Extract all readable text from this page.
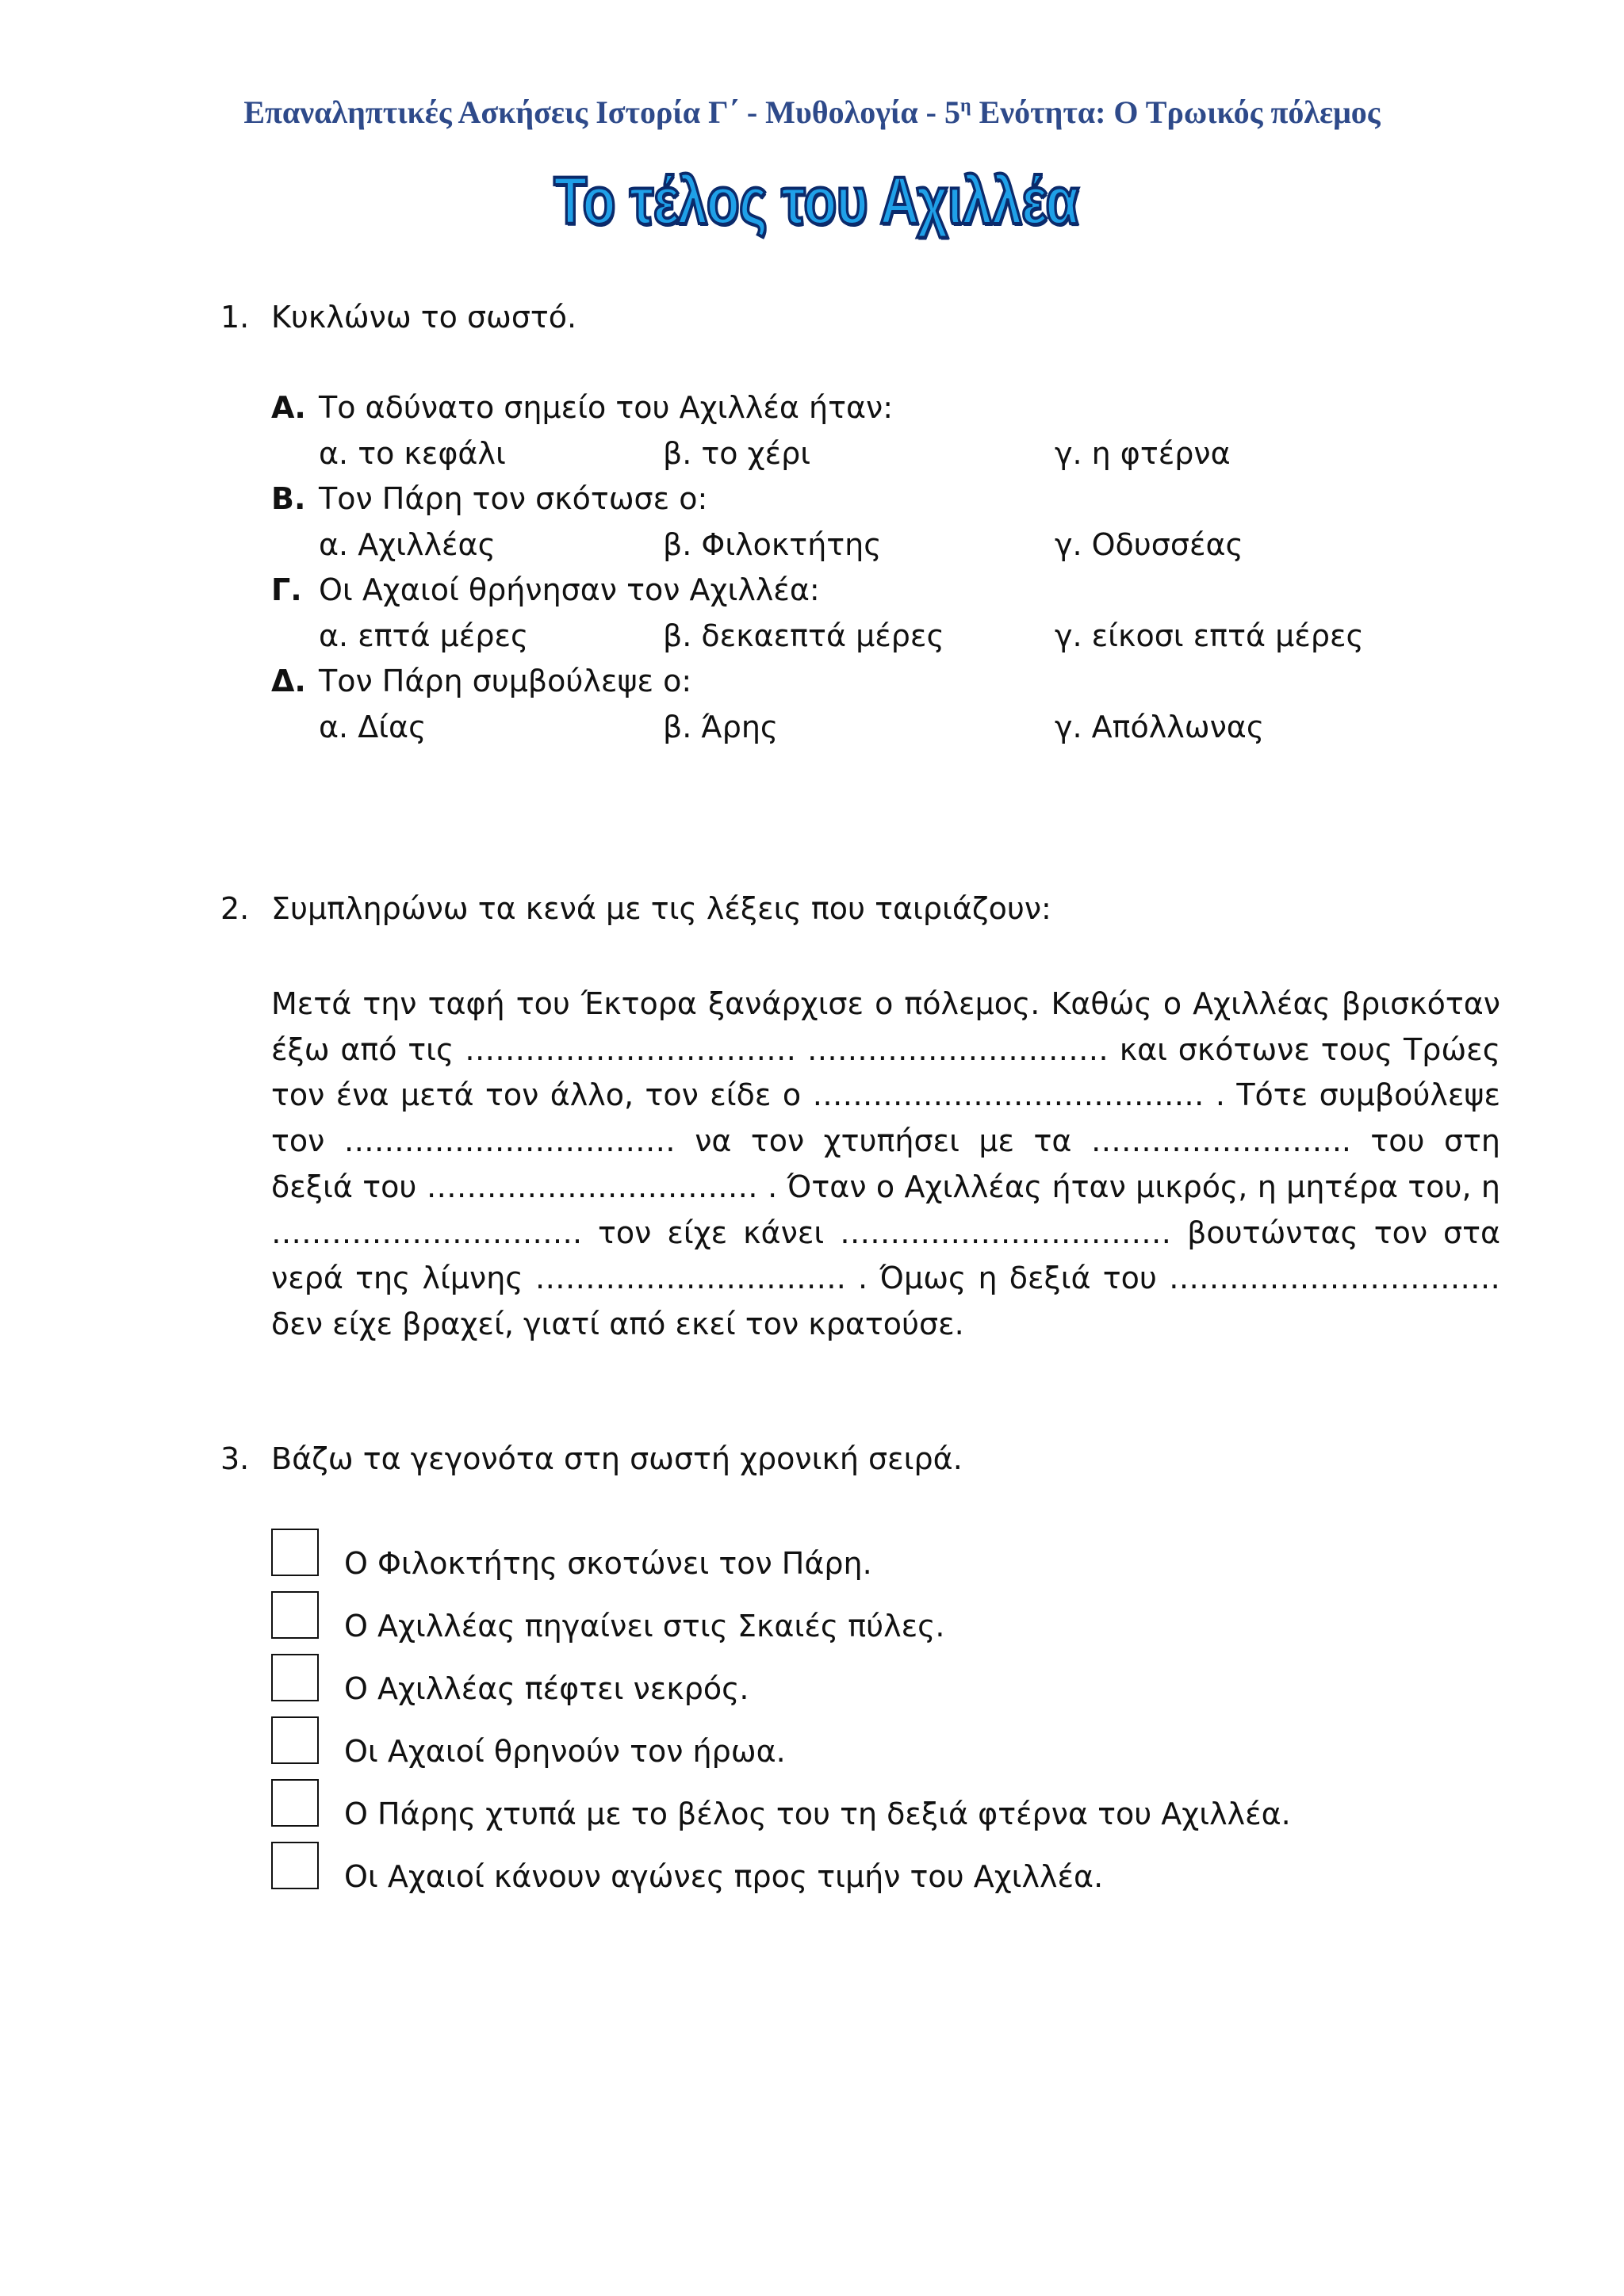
Επαναληπτικές Ασκήσεις Ιστορία Γ΄ - Μυθολογία - $5^\eta$ Ενότητα: Ο Τρωικός πόλεμος
Το τέλος του Αχιλλέα
1. Κυκλώνω το σωστό.
Α. Το αδύνατο σημείο του Αχιλλέα ήταν:
α. το κεφάλι	β. το χέρι	γ. η φτέρνα
Β. Τον Πάρη τον σκότωσε ο:
α. Αχιλλέας	β. Φιλοκτήτης	γ. Οδυσσέας
Γ. Οι Αχαιοί θρήνησαν τον Αχιλλέα:
α. επτά μέρες	β. δεκαεπτά μέρες	γ. είκοσι επτά μέρες
Δ. Τον Πάρη συμβούλεψε ο:
α. Δίας	β. Άρης	γ. Απόλλωνας
2. Συμπληρώνω τα κενά με τις λέξεις που ταιριάζουν:
Μετά την ταφή του Έκτορα ξανάρχισε ο πόλεμος. Καθώς ο Αχιλλέας βρισκόταν έξω από τις …………………………… ………………………… και σκότωνε τους Τρώες τον ένα μετά τον άλλο, τον είδε ο ………………………………… . Τότε συμβούλεψε τον …………………………… να τον χτυπήσει με τα …………………….. του στη δεξιά του …………………………… . Όταν ο Αχιλλέας ήταν μικρός, η μητέρα του, η …………………………. τον είχε κάνει …………………………… βουτώντας τον στα νερά της λίμνης …………………………. . Όμως η δεξιά του …………………………… δεν είχε βραχεί, γιατί από εκεί τον κρατούσε.
3. Βάζω τα γεγονότα στη σωστή χρονική σειρά.
Ο Φιλοκτήτης σκοτώνει τον Πάρη.
Ο Αχιλλέας πηγαίνει στις Σκαιές πύλες.
Ο Αχιλλέας πέφτει νεκρός.
Οι Αχαιοί θρηνούν τον ήρωα.
Ο Πάρης χτυπά με το βέλος του τη δεξιά φτέρνα του Αχιλλέα.
Οι Αχαιοί κάνουν αγώνες προς τιμήν του Αχιλλέα.
